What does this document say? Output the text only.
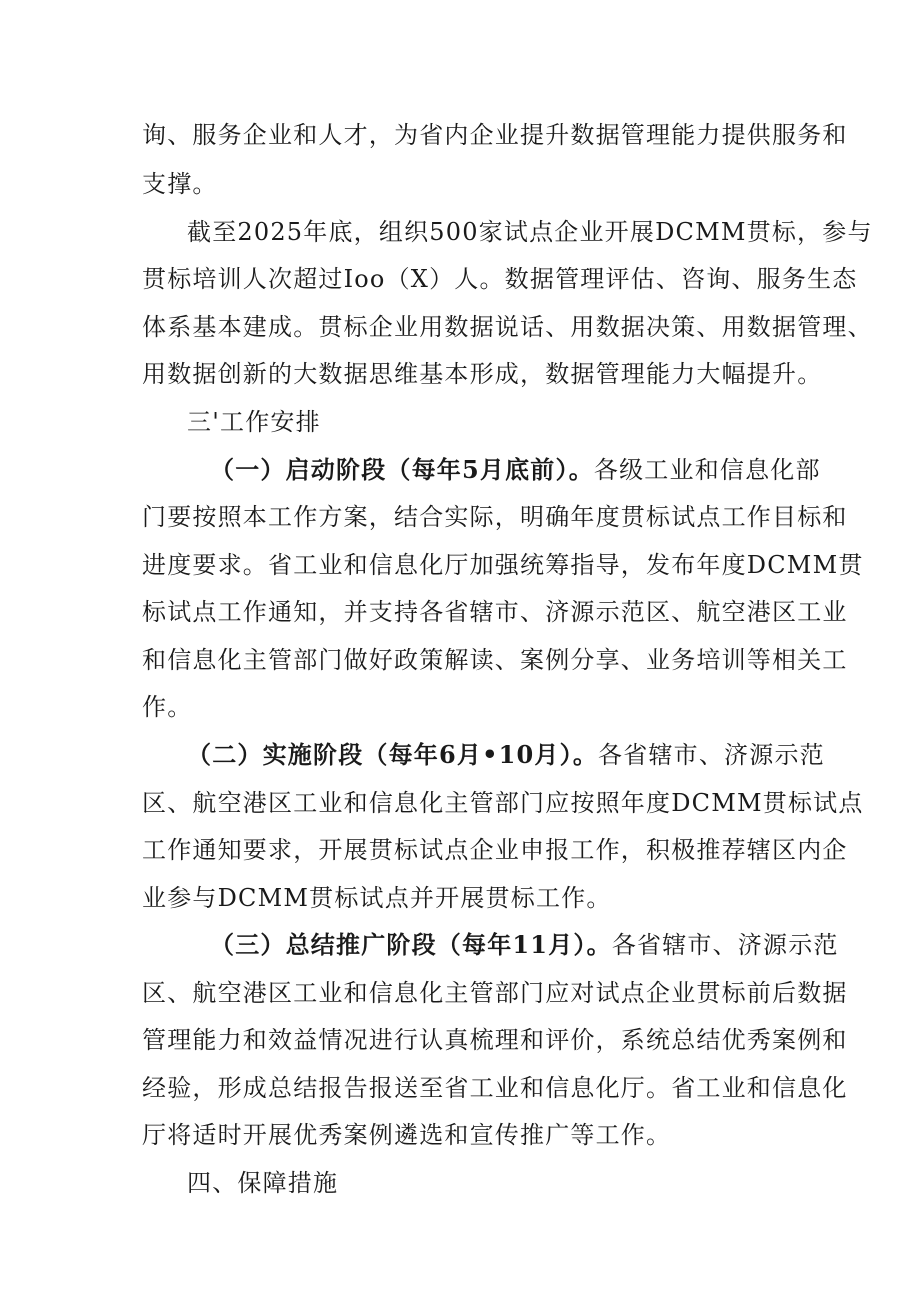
询、服务企业和人才，为省内企业提升数据管理能力提供服务和
支撑。
截至2025年底，组织500家试点企业开展DCMM贯标，参与
贯标培训人次超过Ioo（X）人。数据管理评估、咨询、服务生态
体系基本建成。贯标企业用数据说话、用数据决策、用数据管理、
用数据创新的大数据思维基本形成，数据管理能力大幅提升。
三'工作安排
（一）启动阶段（每年5月底前）。各级工业和信息化部
门要按照本工作方案，结合实际，明确年度贯标试点工作目标和
进度要求。省工业和信息化厅加强统筹指导，发布年度DCMM贯
标试点工作通知，并支持各省辖市、济源示范区、航空港区工业
和信息化主管部门做好政策解读、案例分享、业务培训等相关工
作。
（二）实施阶段（每年6月•10月）。各省辖市、济源示范
区、航空港区工业和信息化主管部门应按照年度DCMM贯标试点
工作通知要求，开展贯标试点企业申报工作，积极推荐辖区内企
业参与DCMM贯标试点并开展贯标工作。
（三）总结推广阶段（每年11月）。各省辖市、济源示范
区、航空港区工业和信息化主管部门应对试点企业贯标前后数据
管理能力和效益情况进行认真梳理和评价，系统总结优秀案例和
经验，形成总结报告报送至省工业和信息化厅。省工业和信息化
厅将适时开展优秀案例遴选和宣传推广等工作。
四、保障措施
